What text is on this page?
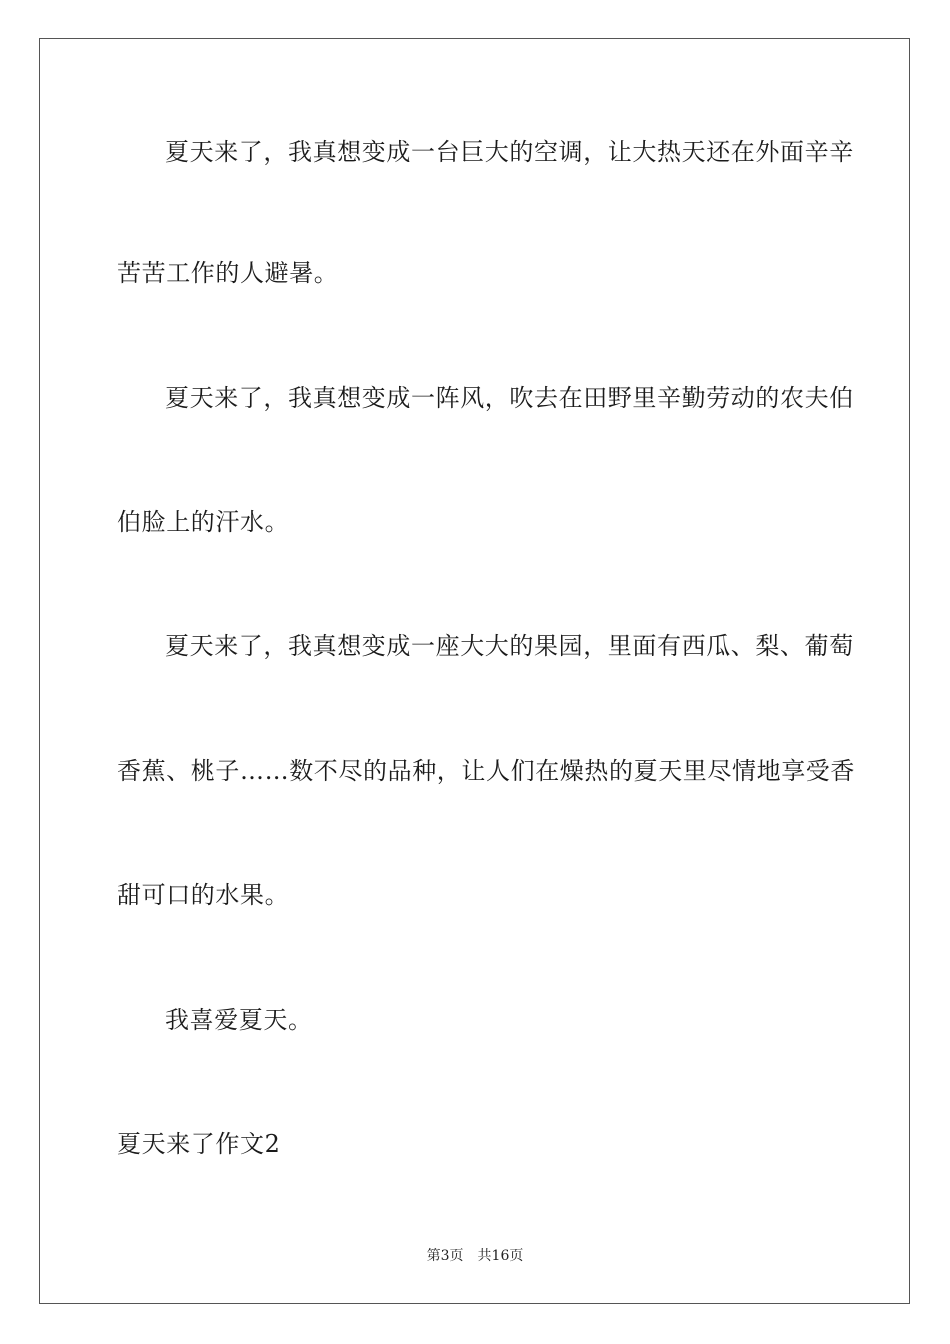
夏天来了，我真想变成一台巨大的空调，让大热天还在外面辛辛
苦苦工作的人避暑。
夏天来了，我真想变成一阵风，吹去在田野里辛勤劳动的农夫伯
伯脸上的汗水。
夏天来了，我真想变成一座大大的果园，里面有西瓜、梨、葡萄
香蕉、桃子……数不尽的品种，让人们在燥热的夏天里尽情地享受香
甜可口的水果。
我喜爱夏天。
夏天来了作文2
第3页 共16页
